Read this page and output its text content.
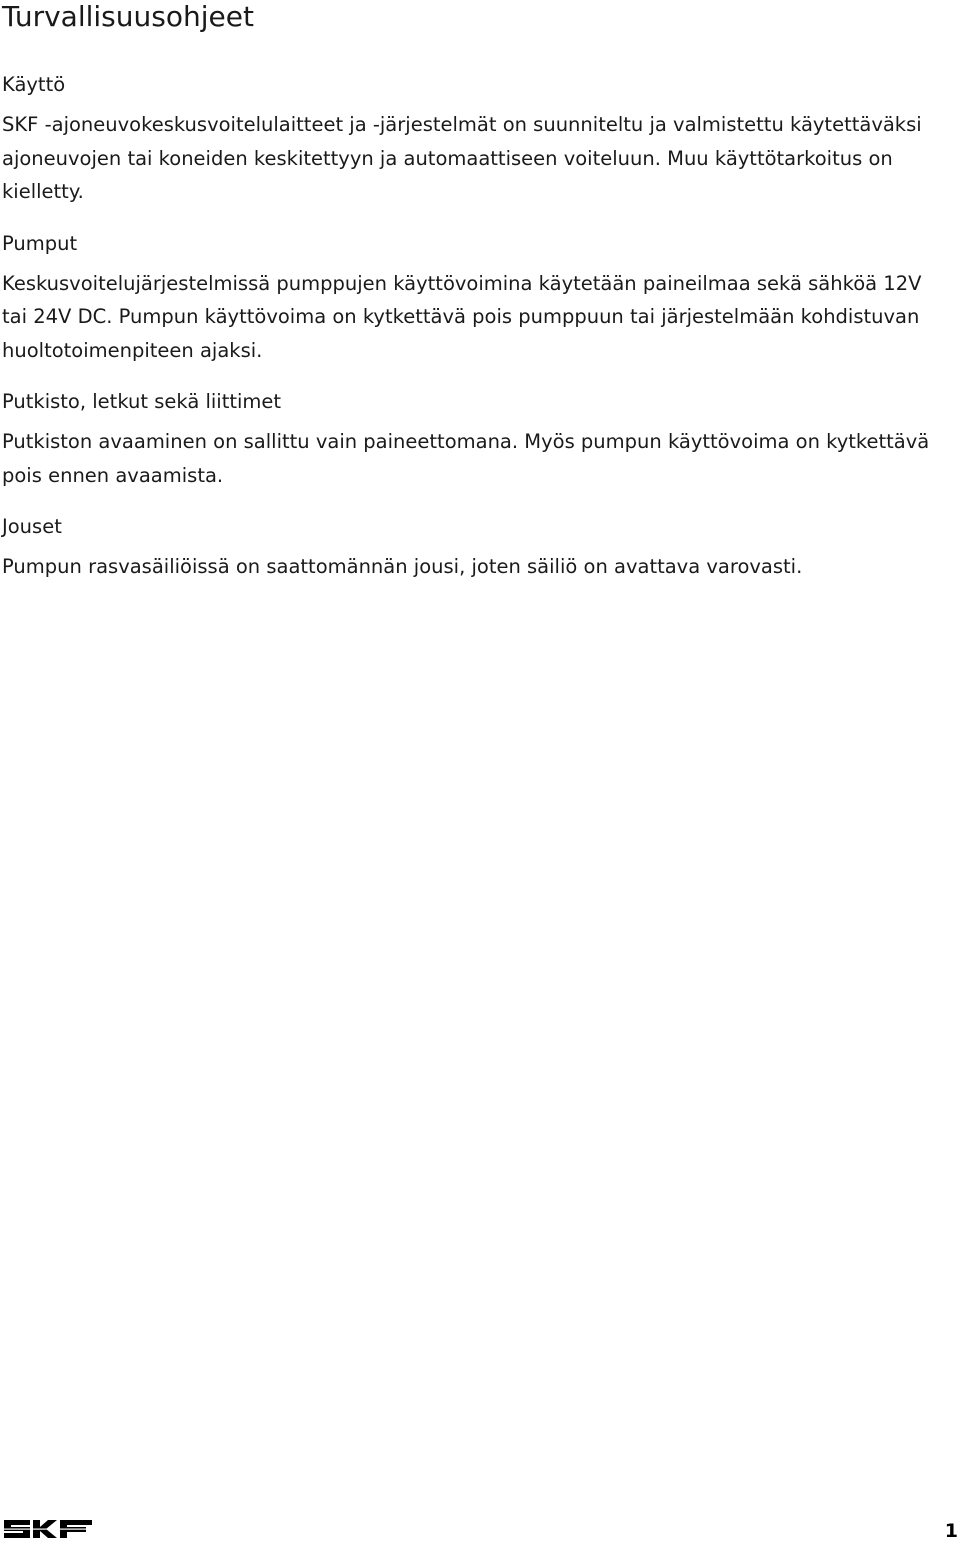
Turvallisuusohjeet
Käyttö

SKF -ajoneuvokeskusvoitelulaitteet ja -järjestelmät on suunniteltu ja valmistettu käytettäväksi ajoneuvojen tai koneiden keskitettyyn ja automaattiseen voiteluun. Muu käyttötarkoitus on kielletty.

Pumput

Keskusvoitelujärjestelmissä pumppujen käyttövoimina käytetään paineilmaa sekä sähköä 12V tai 24V DC. Pumpun käyttövoima on kytkettävä pois pumppuun tai järjestelmään kohdistuvan huoltotoimenpiteen ajaksi.

Putkisto, letkut sekä liittimet

Putkiston avaaminen on sallittu vain paineettomana. Myös pumpun käyttövoima on kytkettävä pois ennen avaamista.

Jouset

Pumpun rasvasäiliöissä on saattomännän jousi, joten säiliö on avattava varovasti.

1
